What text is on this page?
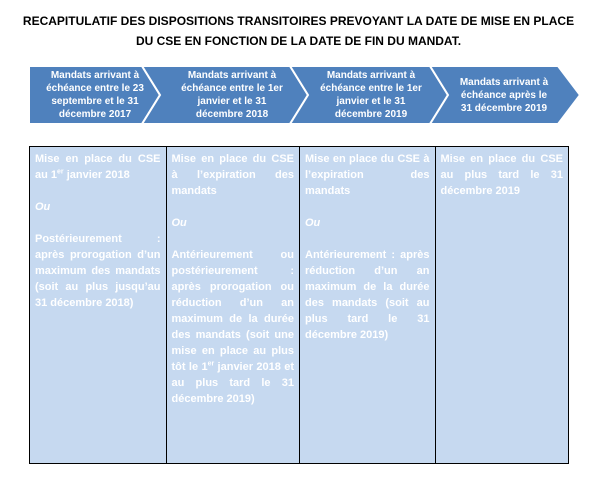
RECAPITULATIF DES DISPOSITIONS TRANSITOIRES PREVOYANT LA DATE DE MISE EN PLACE
DU CSE EN FONCTION DE LA DATE DE FIN DU MANDAT.
Mandats arrivant à échéance entre le 23 septembre et le 31 décembre 2017
Mandats arrivant à échéance entre le 1er janvier et le 31 décembre 2018
Mandats arrivant à échéance entre le 1er janvier et le 31 décembre 2019
Mandats arrivant à échéance après le 31 décembre 2019

Mise en place du CSE au 1er janvier 2018

Ou

Postérieurement : après prorogation d’un maximum des mandats (soit au plus jusqu’au 31 décembre 2018)

Mise en place du CSE à l’expiration des mandats

Ou

Antérieurement ou postérieurement : après prorogation ou réduction d’un an maximum de la durée des mandats (soit une mise en place au plus tôt le 1er janvier 2018 et au plus tard le 31 décembre 2019)

Mise en place du CSE à l’expiration des mandats

Ou

Antérieurement : après réduction d’un an maximum de la durée des mandats (soit au plus tard le 31 décembre 2019)

Mise en place du CSE au plus tard le 31 décembre 2019
